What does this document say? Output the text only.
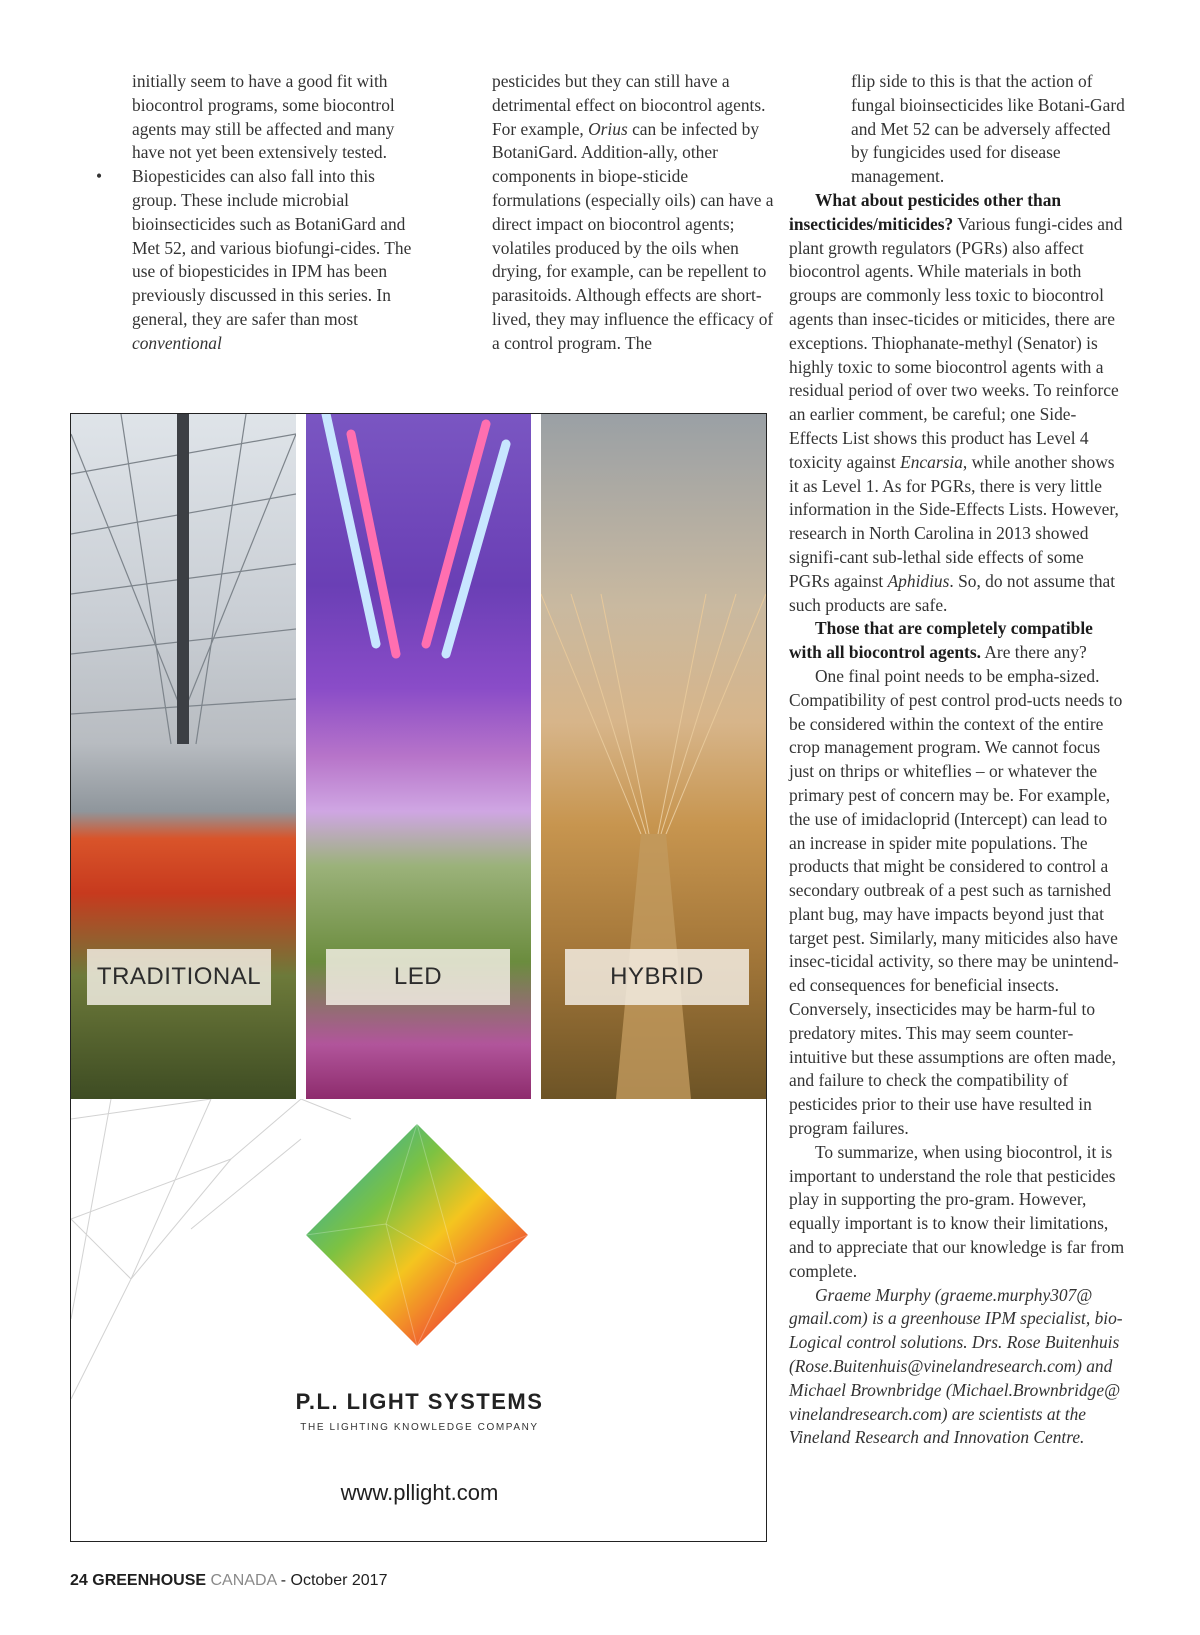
initially seem to have a good fit with biocontrol programs, some biocontrol agents may still be affected and many have not yet been extensively tested.

• Biopesticides can also fall into this group. These include microbial bioinsecticides such as BotaniGard and Met 52, and various biofungi-cides. The use of biopesticides in IPM has been previously discussed in this series. In general, they are safer than most conventional

pesticides but they can still have a detrimental effect on biocontrol agents. For example, Orius can be infected by BotaniGard. Addition-ally, other components in biope-sticide formulations (especially oils) can have a direct impact on biocontrol agents; volatiles produced by the oils when drying, for example, can be repellent to parasitoids. Although effects are short-lived, they may influence the efficacy of a control program. The

flip side to this is that the action of fungal bioinsecticides like Botani-Gard and Met 52 can be adversely affected by fungicides used for disease management.

What about pesticides other than insecticides/miticides? Various fungi-cides and plant growth regulators (PGRs) also affect biocontrol agents. While materials in both groups are commonly less toxic to biocontrol agents than insec-ticides or miticides, there are exceptions. Thiophanate-methyl (Senator) is highly toxic to some biocontrol agents with a residual period of over two weeks. To reinforce an earlier comment, be careful; one Side-Effects List shows this product has Level 4 toxicity against Encarsia, while another shows it as Level 1. As for PGRs, there is very little information in the Side-Effects Lists. However, research in North Carolina in 2013 showed signifi-cant sub-lethal side effects of some PGRs against Aphidius. So, do not assume that such products are safe.

Those that are completely compatible with all biocontrol agents. Are there any?

One final point needs to be empha-sized. Compatibility of pest control prod-ucts needs to be considered within the context of the entire crop management program. We cannot focus just on thrips or whiteflies – or whatever the primary pest of concern may be. For example, the use of imidacloprid (Intercept) can lead to an increase in spider mite populations. The products that might be considered to control a secondary outbreak of a pest such as tarnished plant bug, may have impacts beyond just that target pest. Similarly, many miticides also have insec-ticidal activity, so there may be unintend-ed consequences for beneficial insects. Conversely, insecticides may be harm-ful to predatory mites. This may seem counter-intuitive but these assumptions are often made, and failure to check the compatibility of pesticides prior to their use have resulted in program failures.

To summarize, when using biocontrol, it is important to understand the role that pesticides play in supporting the pro-gram. However, equally important is to know their limitations, and to appreciate that our knowledge is far from complete.

Graeme Murphy (graeme.murphy307@ gmail.com) is a greenhouse IPM specialist, bio-Logical control solutions. Drs. Rose Buitenhuis (Rose.Buitenhuis@vinelandresearch.com) and Michael Brownbridge (Michael.Brownbridge@ vinelandresearch.com) are scientists at the Vineland Research and Innovation Centre.

TRADITIONAL	LED	HYBRID
P.L. LIGHT SYSTEMS
THE LIGHTING KNOWLEDGE COMPANY
www.pllight.com
24 GREENHOUSE CANADA - October 2017
